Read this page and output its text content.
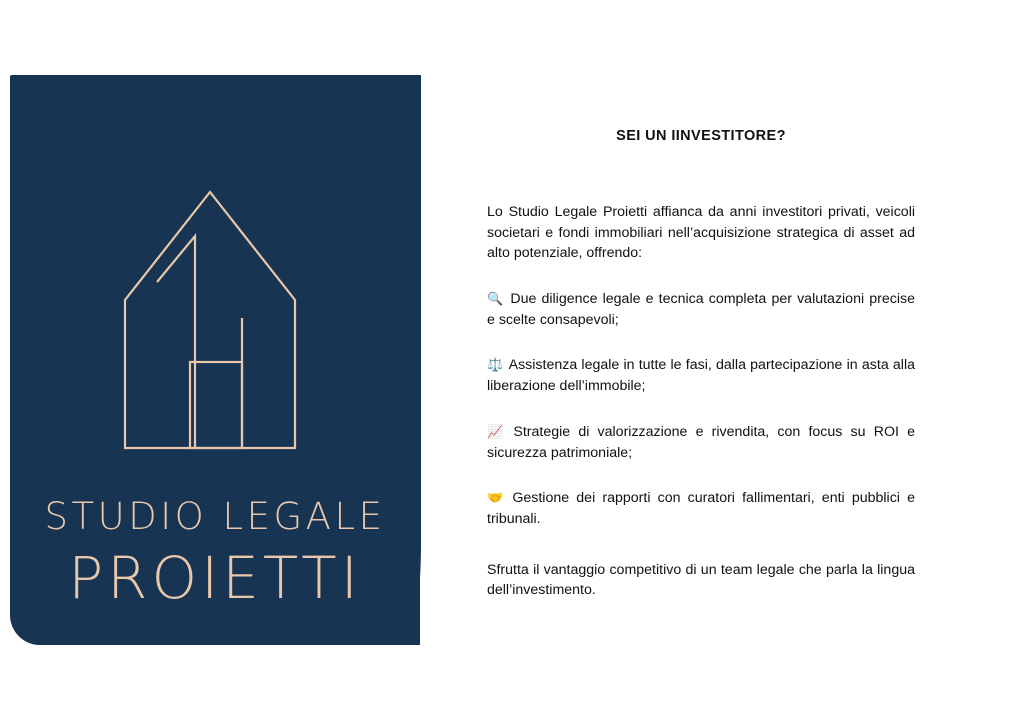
STUDIO LEGALE
PROIETTI
SEI UN IINVESTITORE?

Lo Studio Legale Proietti affianca da anni investitori privati, veicoli societari e fondi immobiliari nell’acquisizione strategica di asset ad alto potenziale, offrendo:

🔍 Due diligence legale e tecnica completa per valutazioni precise e scelte consapevoli;

⚖️ Assistenza legale in tutte le fasi, dalla partecipazione in asta alla liberazione dell’immobile;

📈 Strategie di valorizzazione e rivendita, con focus su ROI e sicurezza patrimoniale;

🤝 Gestione dei rapporti con curatori fallimentari, enti pubblici e tribunali.

Sfrutta il vantaggio competitivo di un team legale che parla la lingua dell’investimento.
